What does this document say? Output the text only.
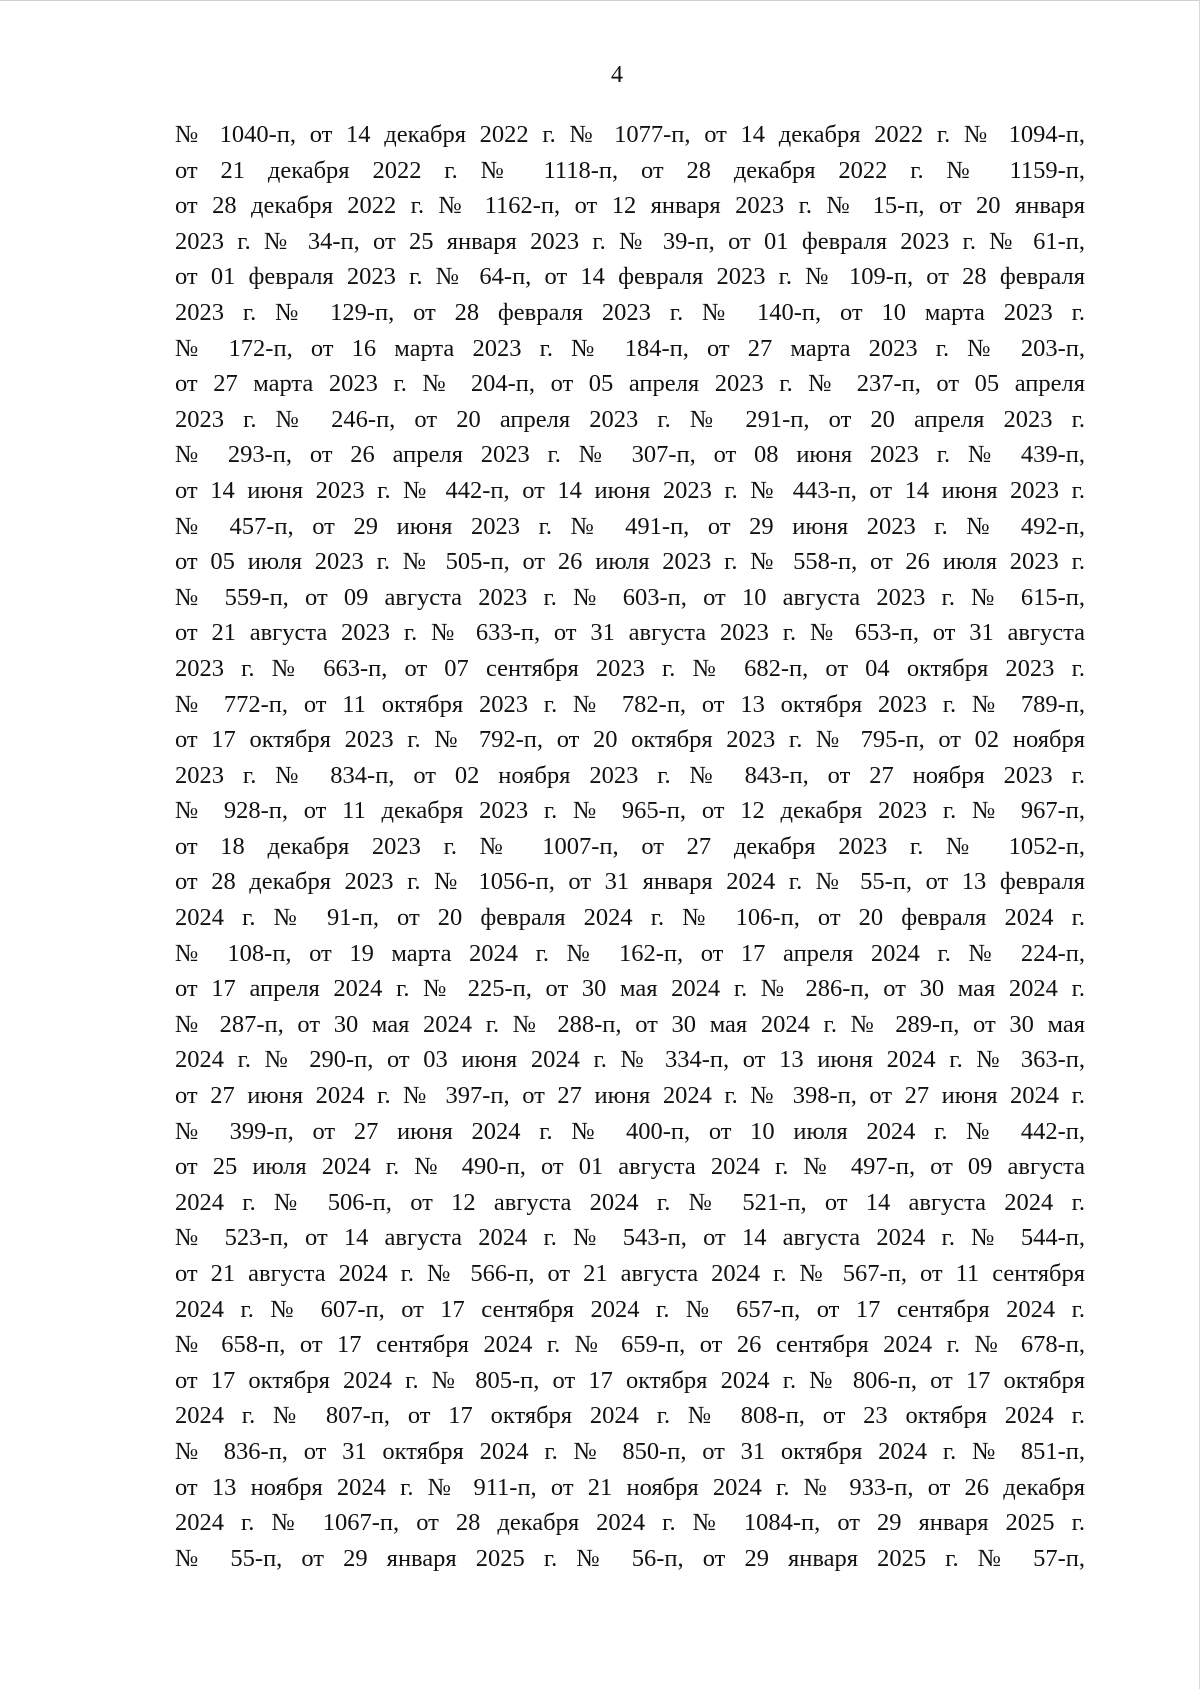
4
№ 1040-п, от 14 декабря 2022 г. № 1077-п, от 14 декабря 2022 г. № 1094-п,
от 21 декабря 2022 г. № 1118-п, от 28 декабря 2022 г. № 1159-п,
от 28 декабря 2022 г. № 1162-п, от 12 января 2023 г. № 15-п, от 20 января
2023 г. № 34-п, от 25 января 2023 г. № 39-п, от 01 февраля 2023 г. № 61-п,
от 01 февраля 2023 г. № 64-п, от 14 февраля 2023 г. № 109-п, от 28 февраля
2023 г. № 129-п, от 28 февраля 2023 г. № 140-п, от 10 марта 2023 г.
№ 172-п, от 16 марта 2023 г. № 184-п, от 27 марта 2023 г. № 203-п,
от 27 марта 2023 г. № 204-п, от 05 апреля 2023 г. № 237-п, от 05 апреля
2023 г. № 246-п, от 20 апреля 2023 г. № 291-п, от 20 апреля 2023 г.
№ 293-п, от 26 апреля 2023 г. № 307-п, от 08 июня 2023 г. № 439-п,
от 14 июня 2023 г. № 442-п, от 14 июня 2023 г. № 443-п, от 14 июня 2023 г.
№ 457-п, от 29 июня 2023 г. № 491-п, от 29 июня 2023 г. № 492-п,
от 05 июля 2023 г. № 505-п, от 26 июля 2023 г. № 558-п, от 26 июля 2023 г.
№ 559-п, от 09 августа 2023 г. № 603-п, от 10 августа 2023 г. № 615-п,
от 21 августа 2023 г. № 633-п, от 31 августа 2023 г. № 653-п, от 31 августа
2023 г. № 663-п, от 07 сентября 2023 г. № 682-п, от 04 октября 2023 г.
№ 772-п, от 11 октября 2023 г. № 782-п, от 13 октября 2023 г. № 789-п,
от 17 октября 2023 г. № 792-п, от 20 октября 2023 г. № 795-п, от 02 ноября
2023 г. № 834-п, от 02 ноября 2023 г. № 843-п, от 27 ноября 2023 г.
№ 928-п, от 11 декабря 2023 г. № 965-п, от 12 декабря 2023 г. № 967-п,
от 18 декабря 2023 г. № 1007-п, от 27 декабря 2023 г. № 1052-п,
от 28 декабря 2023 г. № 1056-п, от 31 января 2024 г. № 55-п, от 13 февраля
2024 г. № 91-п, от 20 февраля 2024 г. № 106-п, от 20 февраля 2024 г.
№ 108-п, от 19 марта 2024 г. № 162-п, от 17 апреля 2024 г. № 224-п,
от 17 апреля 2024 г. № 225-п, от 30 мая 2024 г. № 286-п, от 30 мая 2024 г.
№ 287-п, от 30 мая 2024 г. № 288-п, от 30 мая 2024 г. № 289-п, от 30 мая
2024 г. № 290-п, от 03 июня 2024 г. № 334-п, от 13 июня 2024 г. № 363-п,
от 27 июня 2024 г. № 397-п, от 27 июня 2024 г. № 398-п, от 27 июня 2024 г.
№ 399-п, от 27 июня 2024 г. № 400-п, от 10 июля 2024 г. № 442-п,
от 25 июля 2024 г. № 490-п, от 01 августа 2024 г. № 497-п, от 09 августа
2024 г. № 506-п, от 12 августа 2024 г. № 521-п, от 14 августа 2024 г.
№ 523-п, от 14 августа 2024 г. № 543-п, от 14 августа 2024 г. № 544-п,
от 21 августа 2024 г. № 566-п, от 21 августа 2024 г. № 567-п, от 11 сентября
2024 г. № 607-п, от 17 сентября 2024 г. № 657-п, от 17 сентября 2024 г.
№ 658-п, от 17 сентября 2024 г. № 659-п, от 26 сентября 2024 г. № 678-п,
от 17 октября 2024 г. № 805-п, от 17 октября 2024 г. № 806-п, от 17 октября
2024 г. № 807-п, от 17 октября 2024 г. № 808-п, от 23 октября 2024 г.
№ 836-п, от 31 октября 2024 г. № 850-п, от 31 октября 2024 г. № 851-п,
от 13 ноября 2024 г. № 911-п, от 21 ноября 2024 г. № 933-п, от 26 декабря
2024 г. № 1067-п, от 28 декабря 2024 г. № 1084-п, от 29 января 2025 г.
№ 55-п, от 29 января 2025 г. № 56-п, от 29 января 2025 г. № 57-п,
